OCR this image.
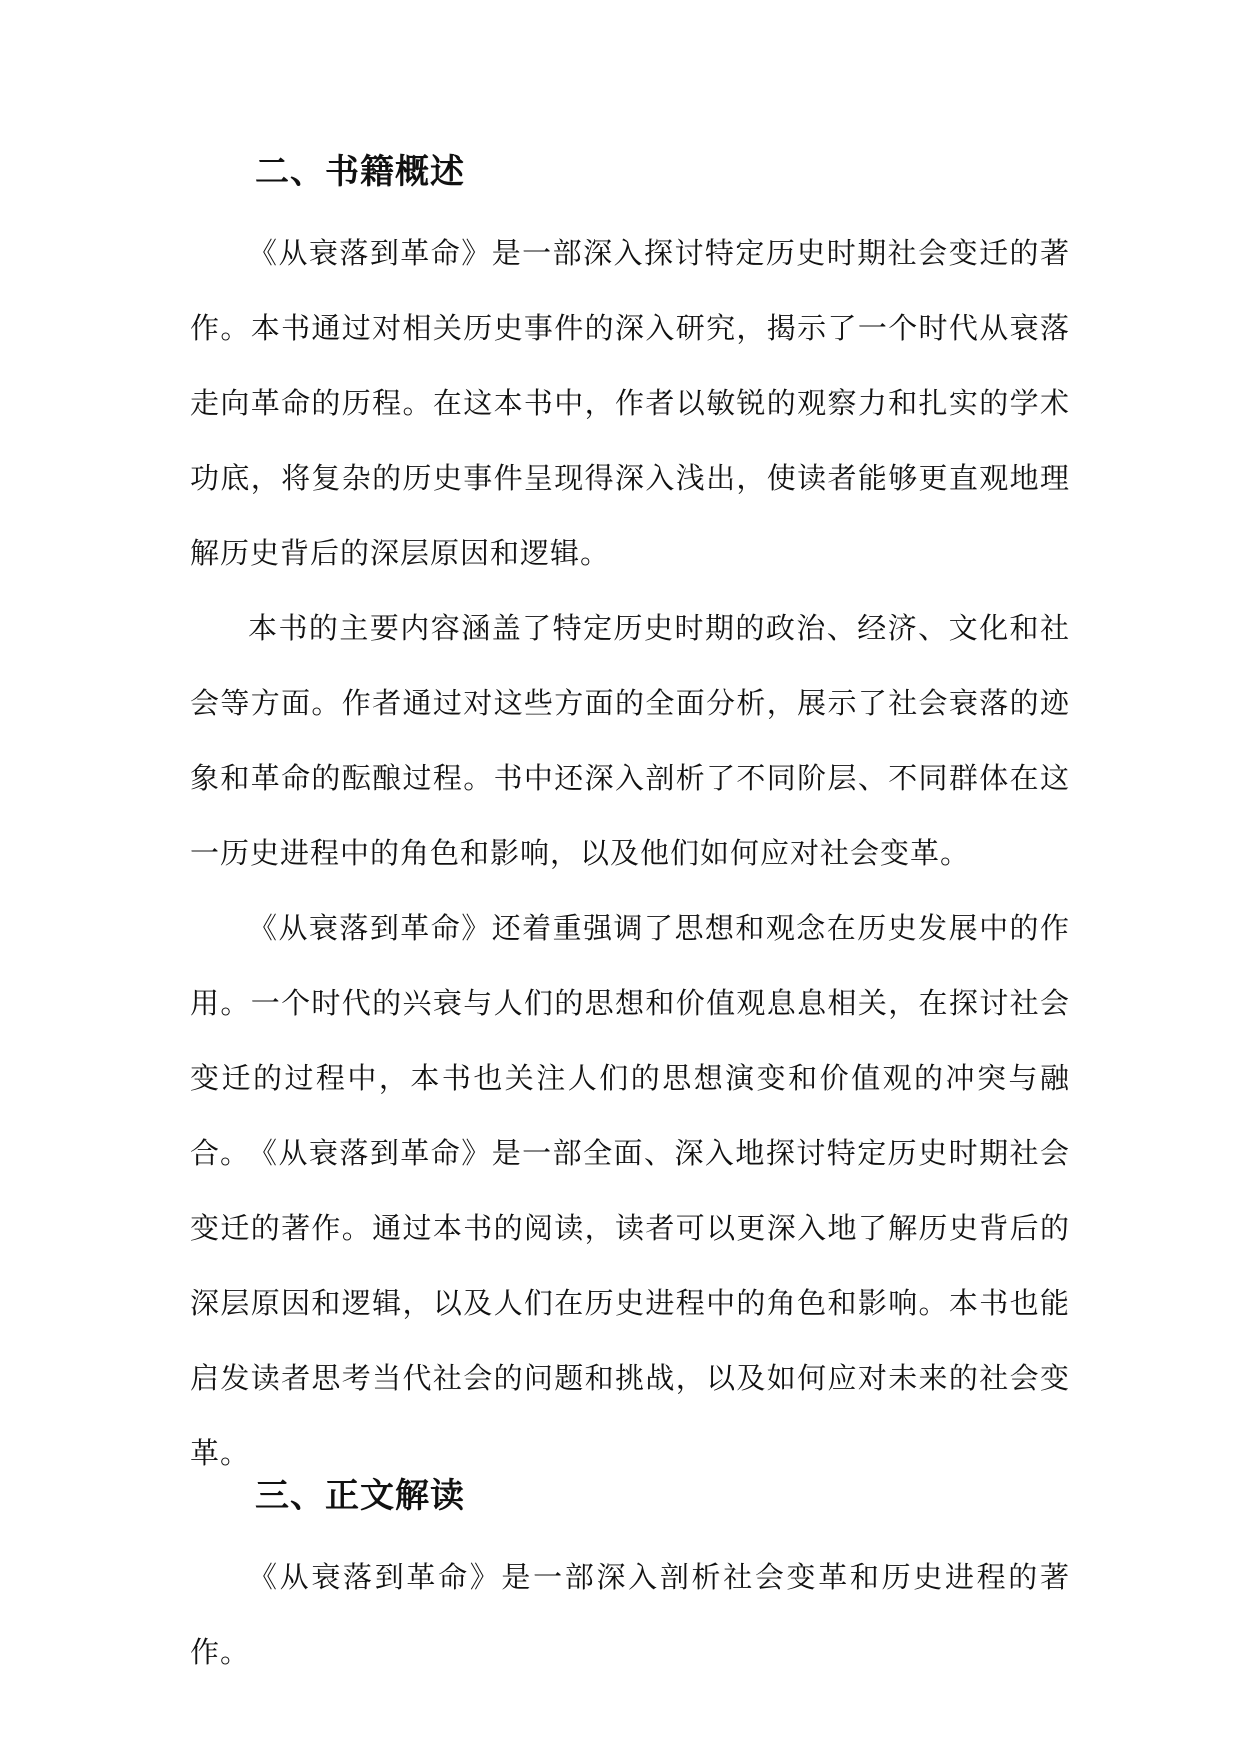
二、书籍概述

《从衰落到革命》是一部深入探讨特定历史时期社会变迁的著作。本书通过对相关历史事件的深入研究，揭示了一个时代从衰落走向革命的历程。在这本书中，作者以敏锐的观察力和扎实的学术功底，将复杂的历史事件呈现得深入浅出，使读者能够更直观地理解历史背后的深层原因和逻辑。

本书的主要内容涵盖了特定历史时期的政治、经济、文化和社会等方面。作者通过对这些方面的全面分析，展示了社会衰落的迹象和革命的酝酿过程。书中还深入剖析了不同阶层、不同群体在这一历史进程中的角色和影响，以及他们如何应对社会变革。

《从衰落到革命》还着重强调了思想和观念在历史发展中的作用。一个时代的兴衰与人们的思想和价值观息息相关，在探讨社会变迁的过程中，本书也关注人们的思想演变和价值观的冲突与融合。

《从衰落到革命》是一部全面、深入地探讨特定历史时期社会变迁的著作。通过本书的阅读，读者可以更深入地了解历史背后的深层原因和逻辑，以及人们在历史进程中的角色和影响。本书也能启发读者思考当代社会的问题和挑战，以及如何应对未来的社会变革。

三、正文解读

《从衰落到革命》是一部深入剖析社会变革和历史进程的著作。
